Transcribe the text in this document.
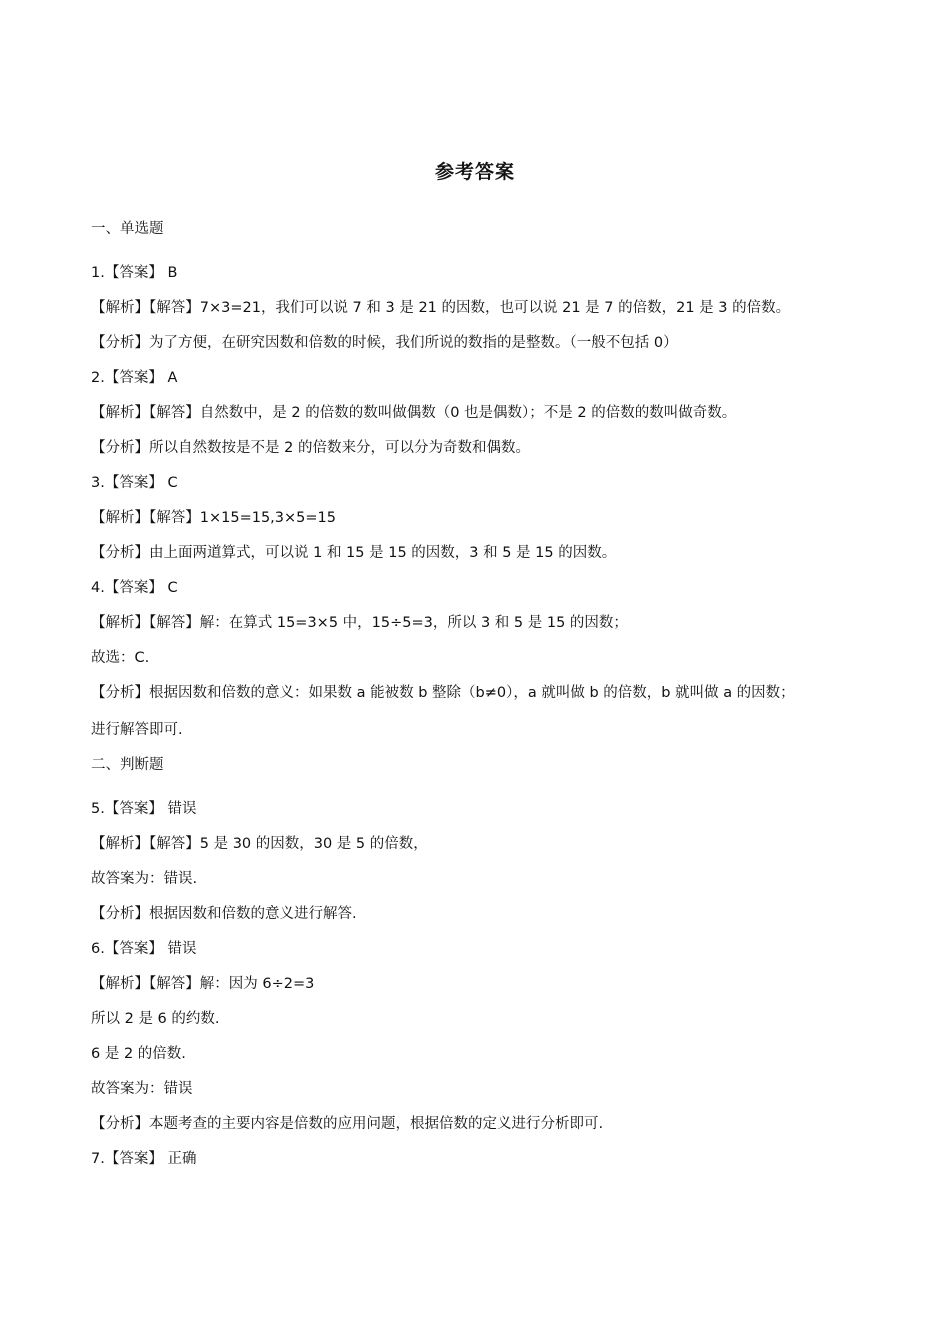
参考答案

一、单选题

1.【答案】 B

【解析】【解答】7×3=21，我们可以说 7 和 3 是 21 的因数，也可以说 21 是 7 的倍数，21 是 3 的倍数。

【分析】为了方便，在研究因数和倍数的时候，我们所说的数指的是整数。（一般不包括 0）

2.【答案】 A

【解析】【解答】自然数中，是 2 的倍数的数叫做偶数（0 也是偶数）；不是 2 的倍数的数叫做奇数。

【分析】所以自然数按是不是 2 的倍数来分，可以分为奇数和偶数。

3.【答案】 C

【解析】【解答】1×15=15,3×5=15

【分析】由上面两道算式，可以说 1 和 15 是 15 的因数，3 和 5 是 15 的因数。

4.【答案】 C

【解析】【解答】解：在算式 15=3×5 中，15÷5=3，所以 3 和 5 是 15 的因数；

故选：C.

【分析】根据因数和倍数的意义：如果数 a 能被数 b 整除（b≠0），a 就叫做 b 的倍数，b 就叫做 a 的因数；

进行解答即可.

二、判断题

5.【答案】 错误

【解析】【解答】5 是 30 的因数，30 是 5 的倍数，

故答案为：错误.

【分析】根据因数和倍数的意义进行解答.

6.【答案】 错误

【解析】【解答】解：因为 6÷2=3

所以 2 是 6 的约数.

6 是 2 的倍数.

故答案为：错误

【分析】本题考查的主要内容是倍数的应用问题，根据倍数的定义进行分析即可.

7.【答案】 正确
